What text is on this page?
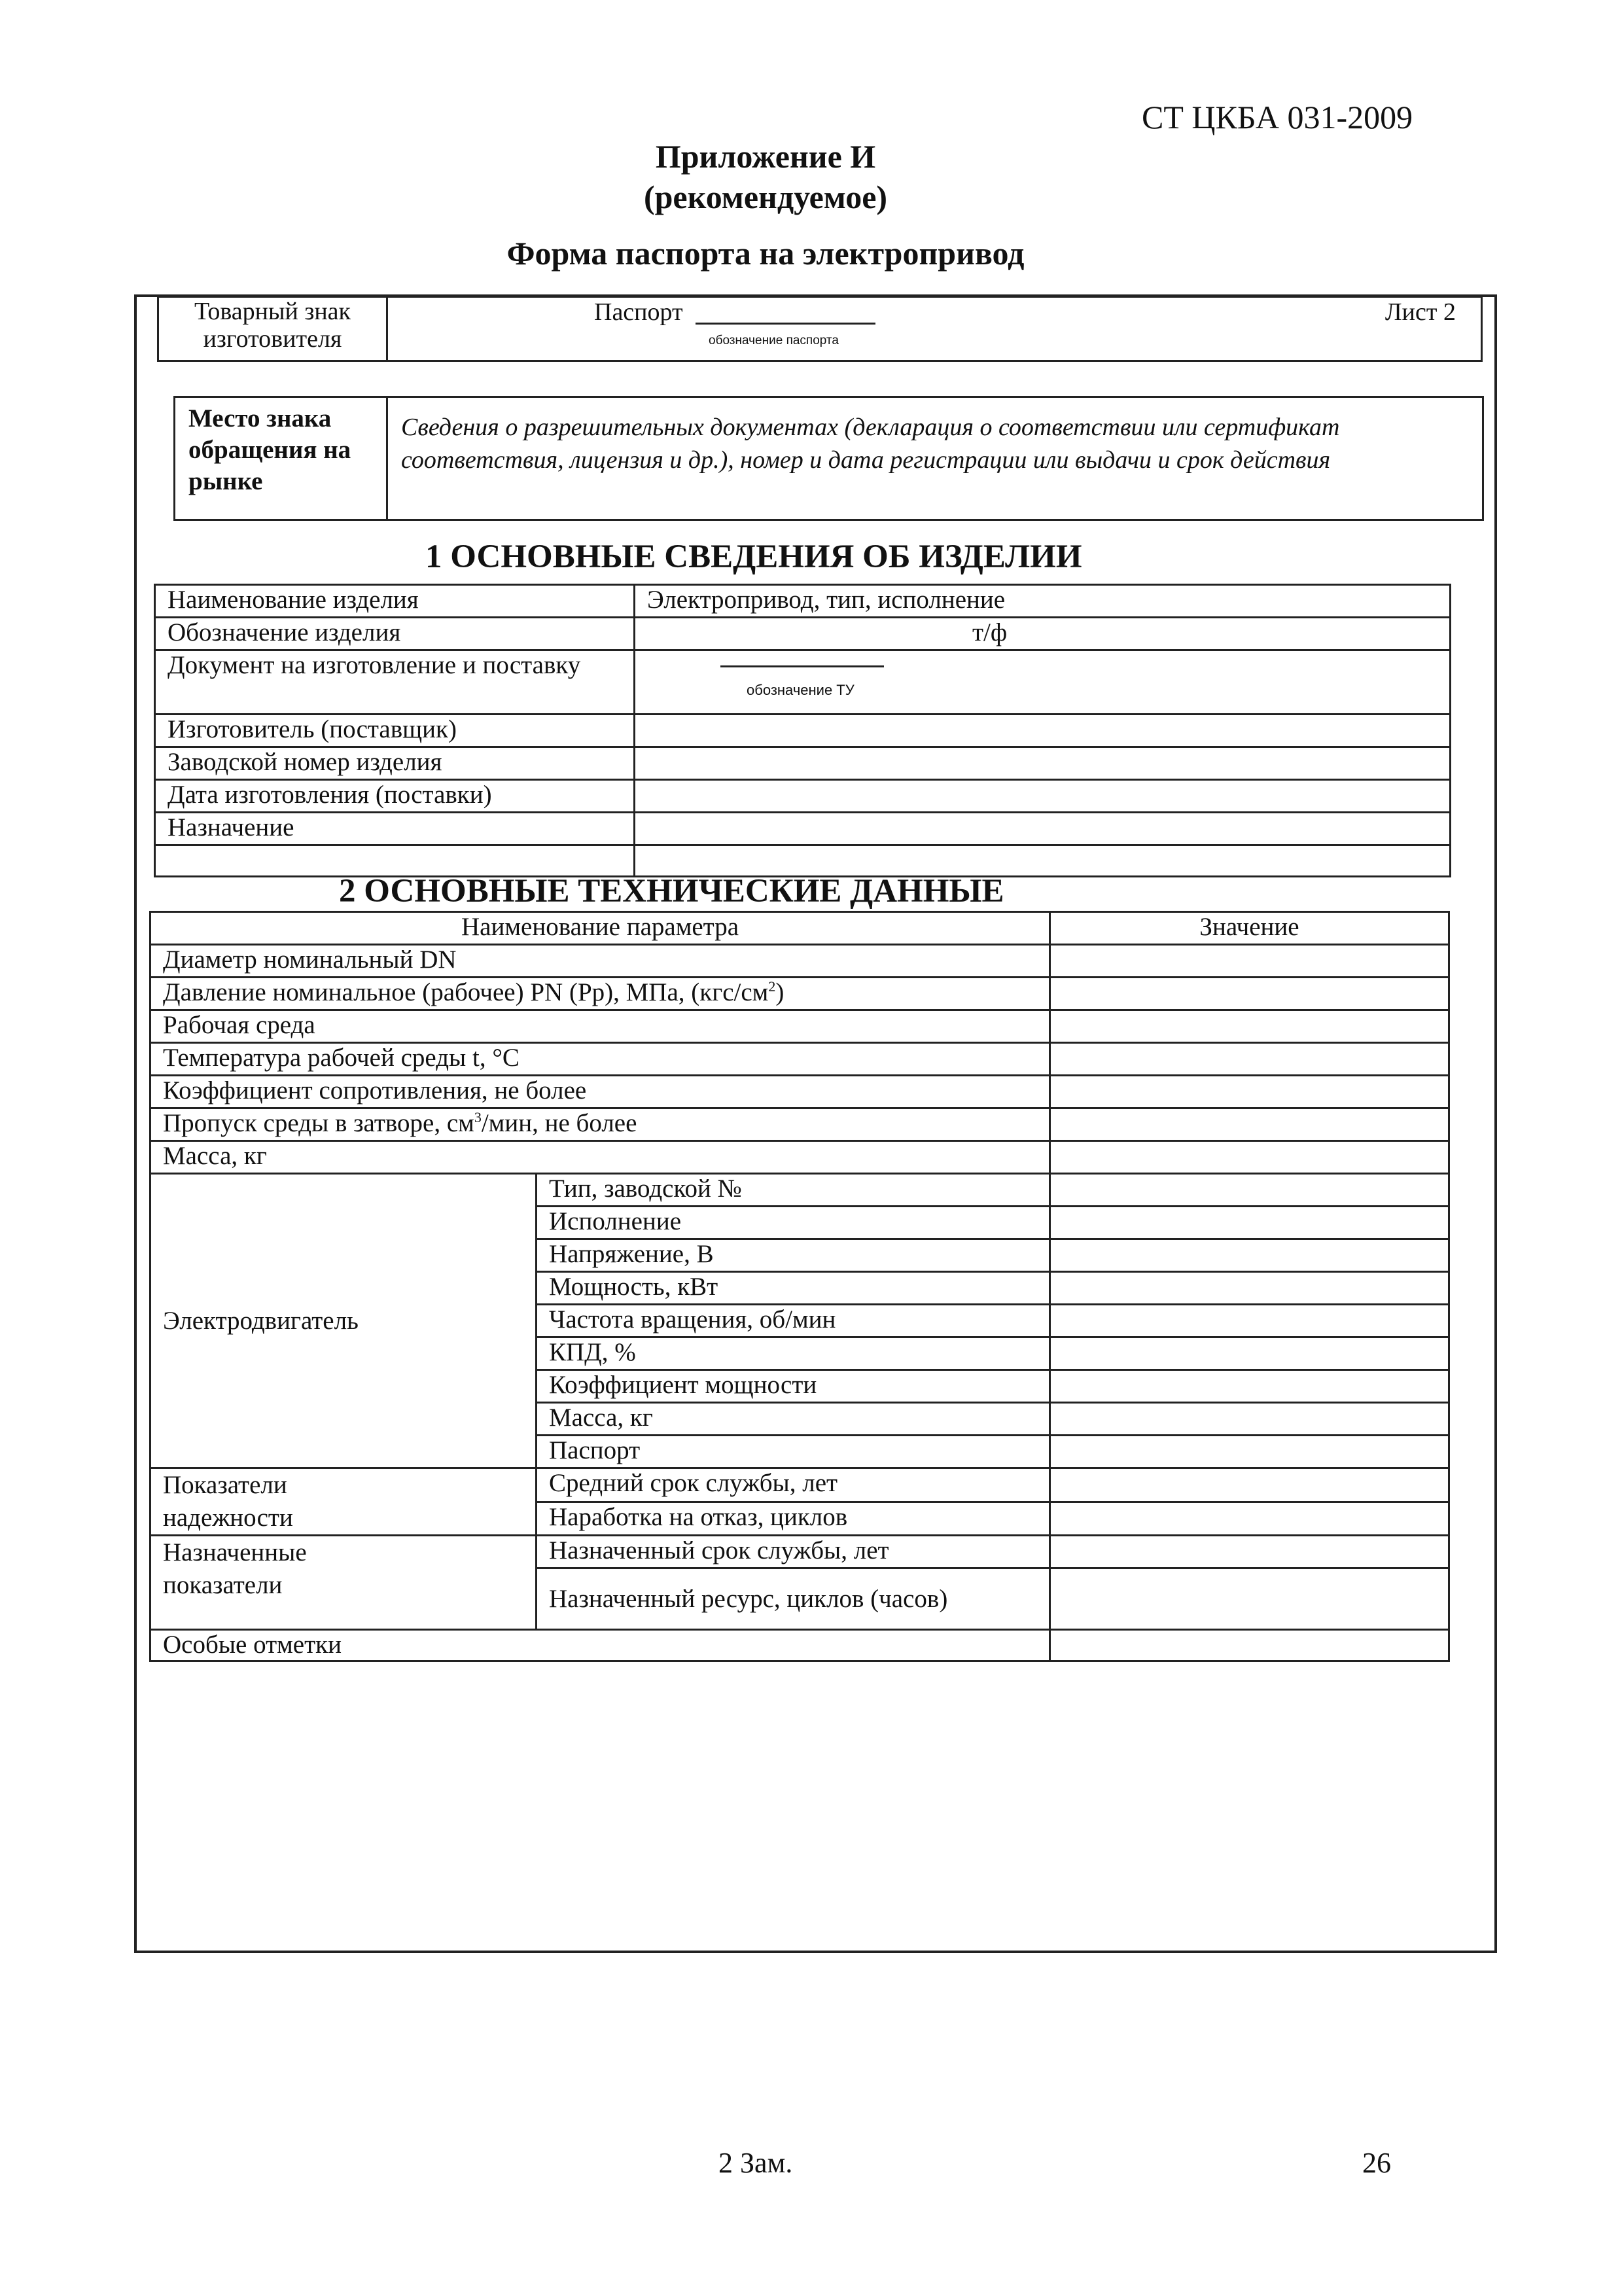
СТ ЦКБА 031-2009
Приложение И
(рекомендуемое)
Форма паспорта на электропривод
Товарный знак изготовителя	
Паспорт
обозначение паспорта
Лист 2
Место знака обращения на рынке	Сведения о разрешительных документах (декларация о соответствии или сертификат соответствия, лицензия и др.), номер и дата регистрации или выдачи и срок действия
1 ОСНОВНЫЕ СВЕДЕНИЯ ОБ ИЗДЕЛИИ
Наименование изделия	Электропривод, тип, исполнение
Обозначение изделия	т/ф
Документ на изготовление и поставку	обозначение ТУ

Изготовитель (поставщик)	
Заводской номер изделия	
Дата изготовления (поставки)	
Назначение	

2 ОСНОВНЫЕ ТЕХНИЧЕСКИЕ ДАННЫЕ
Наименование параметра		Значение
Диаметр номинальный DN		
Давление номинальное (рабочее) PN (Рр), МПа, $(кгс/см^2)$		
Рабочая среда		
Температура рабочей среды t, °С		
Коэффициент сопротивления, не более		
Пропуск среды в затворе, $см^3$/мин, не более		
Масса, кг		
Электродвигатель	Тип, заводской №	
	Исполнение	
	Напряжение, В	
	Мощность, кВт	
	Частота вращения, об/мин	
	КПД, %	
	Коэффициент мощности	
	Масса, кг	
	Паспорт	
Показатели надежности	Средний срок службы, лет	
	Наработка на отказ, циклов	
Назначенные показатели	Назначенный срок службы, лет	
	Назначенный ресурс, циклов (часов)	
Особые отметки		
2 Зам.	26
